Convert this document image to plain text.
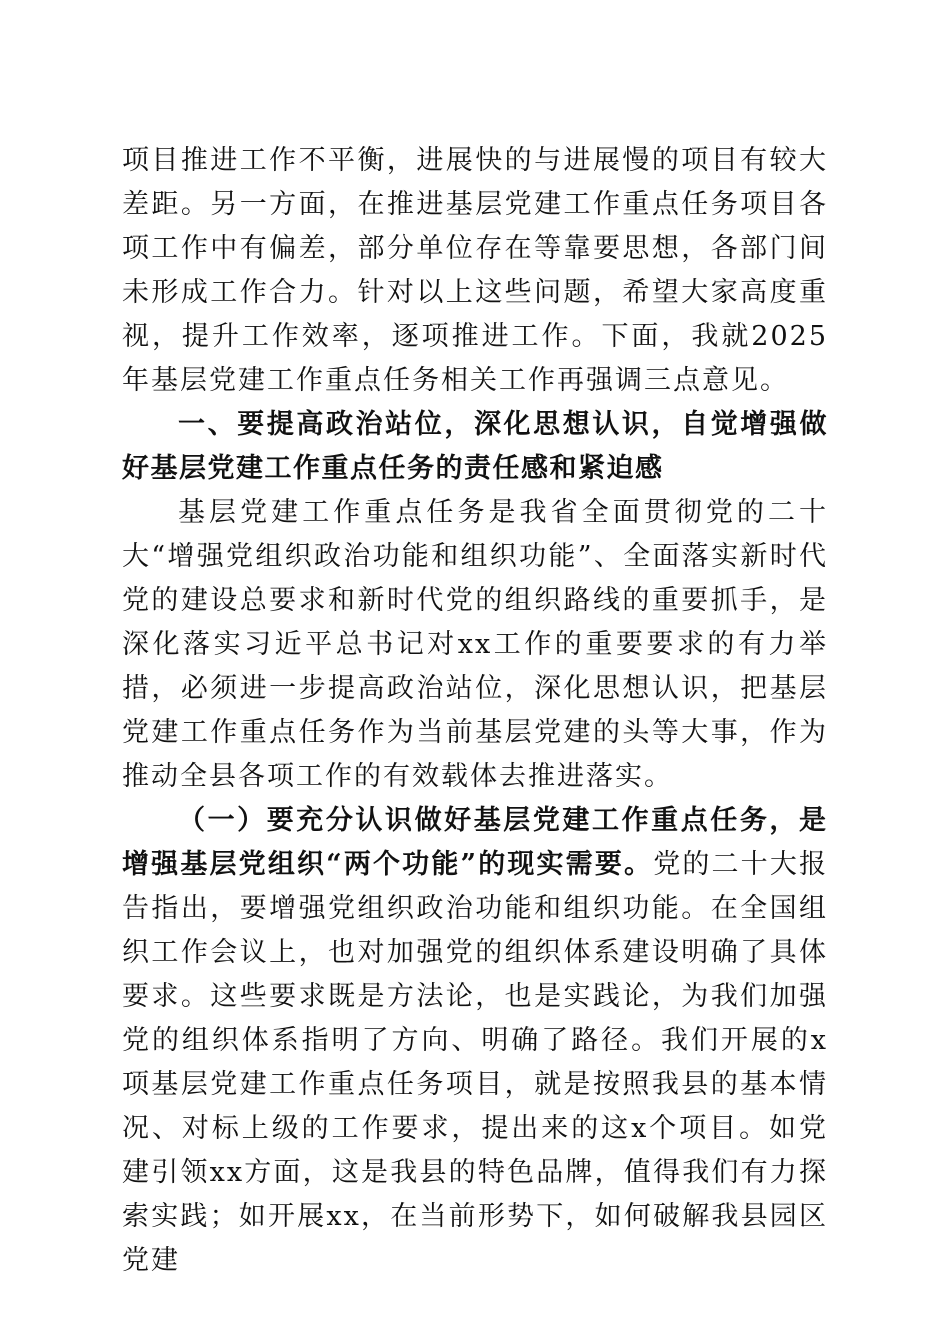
项目推进工作不平衡，进展快的与进展慢的项目有较大差距。另一方面，在推进基层党建工作重点任务项目各项工作中有偏差，部分单位存在等靠要思想，各部门间未形成工作合力。针对以上这些问题，希望大家高度重视，提升工作效率，逐项推进工作。下面，我就2025年基层党建工作重点任务相关工作再强调三点意见。

一、要提高政治站位，深化思想认识，自觉增强做好基层党建工作重点任务的责任感和紧迫感

基层党建工作重点任务是我省全面贯彻党的二十大“增强党组织政治功能和组织功能”、全面落实新时代党的建设总要求和新时代党的组织路线的重要抓手，是深化落实习近平总书记对xx工作的重要要求的有力举措，必须进一步提高政治站位，深化思想认识，把基层党建工作重点任务作为当前基层党建的头等大事，作为推动全县各项工作的有效载体去推进落实。

（一）要充分认识做好基层党建工作重点任务，是增强基层党组织“两个功能”的现实需要。党的二十大报告指出，要增强党组织政治功能和组织功能。在全国组织工作会议上，也对加强党的组织体系建设明确了具体要求。这些要求既是方法论，也是实践论，为我们加强党的组织体系指明了方向、明确了路径。我们开展的x项基层党建工作重点任务项目，就是按照我县的基本情况、对标上级的工作要求，提出来的这x个项目。如党建引领xx方面，这是我县的特色品牌，值得我们有力探索实践；如开展xx，在当前形势下，如何破解我县园区党建
